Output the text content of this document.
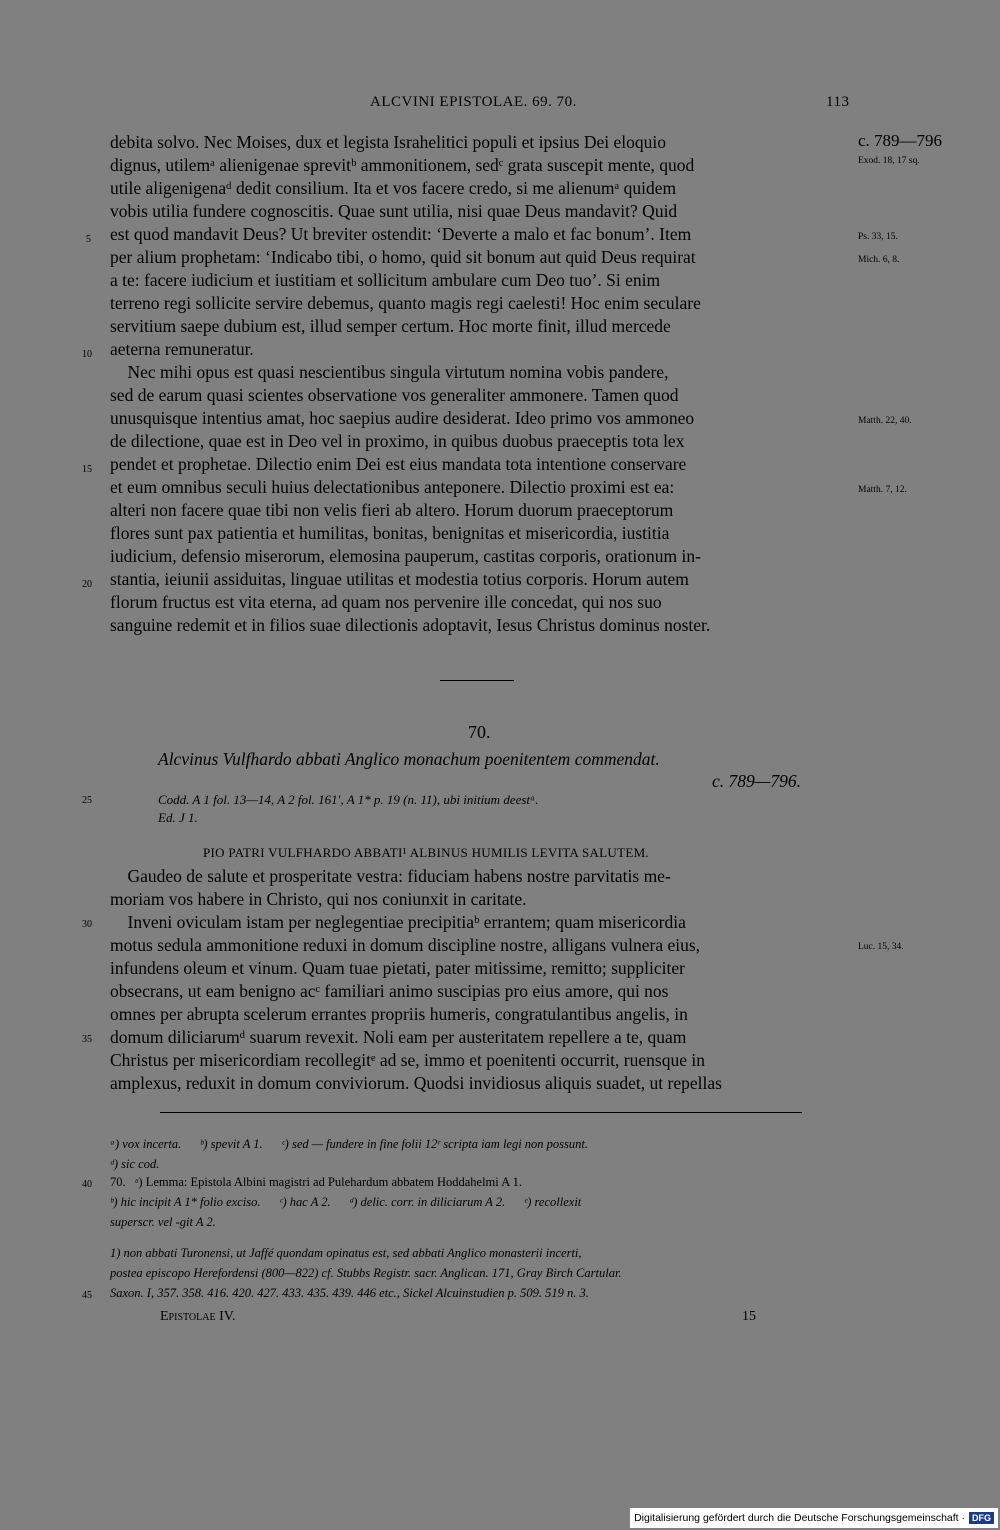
ALCVINI EPISTOLAE. 69. 70.	113
debita solvo. Nec Moises, dux et legista Israhelitici populi et ipsius Dei eloquio
dignus, utilemᵃ alienigenae sprevitᵇ ammonitionem, sedᶜ grata suscepit mente, quod
utile aligenigenaᵈ dedit consilium. Ita et vos facere credo, si me alienumᵃ quidem
vobis utilia fundere cognoscitis. Quae sunt utilia, nisi quae Deus mandavit? Quid
est quod mandavit Deus? Ut breviter ostendit: ‘Deverte a malo et fac bonum’. Item
per alium prophetam: ‘Indicabo tibi, o homo, quid sit bonum aut quid Deus requirat
a te: facere iudicium et iustitiam et sollicitum ambulare cum Deo tuo’. Si enim
terreno regi sollicite servire debemus, quanto magis regi caelesti! Hoc enim seculare
servitium saepe dubium est, illud semper certum. Hoc morte finit, illud mercede
aeterna remuneratur.
Nec mihi opus est quasi nescientibus singula virtutum nomina vobis pandere,
sed de earum quasi scientes observatione vos generaliter ammonere. Tamen quod
unusquisque intentius amat, hoc saepius audire desiderat. Ideo primo vos ammoneo
de dilectione, quae est in Deo vel in proximo, in quibus duobus praeceptis tota lex
pendet et prophetae. Dilectio enim Dei est eius mandata tota intentione conservare
et eum omnibus seculi huius delectationibus anteponere. Dilectio proximi est ea:
alteri non facere quae tibi non velis fieri ab altero. Horum duorum praeceptorum
flores sunt pax patientia et humilitas, bonitas, benignitas et misericordia, iustitia
iudicium, defensio miserorum, elemosina pauperum, castitas corporis, orationum in-
stantia, ieiunii assiduitas, linguae utilitas et modestia totius corporis. Horum autem
florum fructus est vita eterna, ad quam nos pervenire ille concedat, qui nos suo
sanguine redemit et in filios suae dilectionis adoptavit, Iesus Christus dominus noster.
5
10
15
20
c. 789—796
Exod. 18, 17 sq.
Ps. 33, 15.
Mich. 6, 8.
Matth. 22, 40.
Matth. 7, 12.
70.
Alcvinus Vulfhardo abbati Anglico monachum poenitentem commendat.
c. 789—796.
25	Codd. A 1 fol. 13—14, A 2 fol. 161′, A 1* p. 19 (n. 11), ubi initium deestᵃ.
Ed. J 1.
PIO PATRI VULFHARDO ABBATI¹ ALBINUS HUMILIS LEVITA SALUTEM.
Gaudeo de salute et prosperitate vestra: fiduciam habens nostre parvitatis me-
moriam vos habere in Christo, qui nos coniunxit in caritate.
Inveni oviculam istam per neglegentiae precipitiaᵇ errantem; quam misericordia
motus sedula ammonitione reduxi in domum discipline nostre, alligans vulnera eius,
infundens oleum et vinum. Quam tuae pietati, pater mitissime, remitto; suppliciter
obsecrans, ut eam benigno acᶜ familiari animo suscipias pro eius amore, qui nos
omnes per abrupta scelerum errantes propriis humeris, congratulantibus angelis, in
domum diliciarumᵈ suarum revexit. Noli eam per austeritatem repellere a te, quam
Christus per misericordiam recollegitᵉ ad se, immo et poenitenti occurrit, ruensque in
amplexus, reduxit in domum conviviorum. Quodsi invidiosus aliquis suadet, ut repellas
30
35
Luc. 15, 34.
ᵃ) vox incerta.      ᵇ) spevit A 1.      ᶜ) sed — fundere in fine folii 12ʳ scripta iam legi non possunt.
ᵈ) sic cod.
40 70.   ᵃ) Lemma: Epistola Albini magistri ad Pulehardum abbatem Hoddahelmi A 1.
ᵇ) hic incipit A 1* folio exciso.      ᶜ) hac A 2.      ᵈ) delic. corr. in diliciarum A 2.      ᵉ) recollexit
superscr. vel -git A 2.
1) non abbati Turonensi, ut Jaffé quondam opinatus est, sed abbati Anglico monasterii incerti,
postea episcopo Herefordensi (800—822) cf. Stubbs Registr. sacr. Anglican. 171, Gray Birch Cartular.
45 Saxon. I, 357. 358. 416. 420. 427. 433. 435. 439. 446 etc., Sickel Alcuinstudien p. 509. 519 n. 3.
Epistolae IV.	15
Digitalisierung gefördert durch die Deutsche Forschungsgemeinschaft · DFG
